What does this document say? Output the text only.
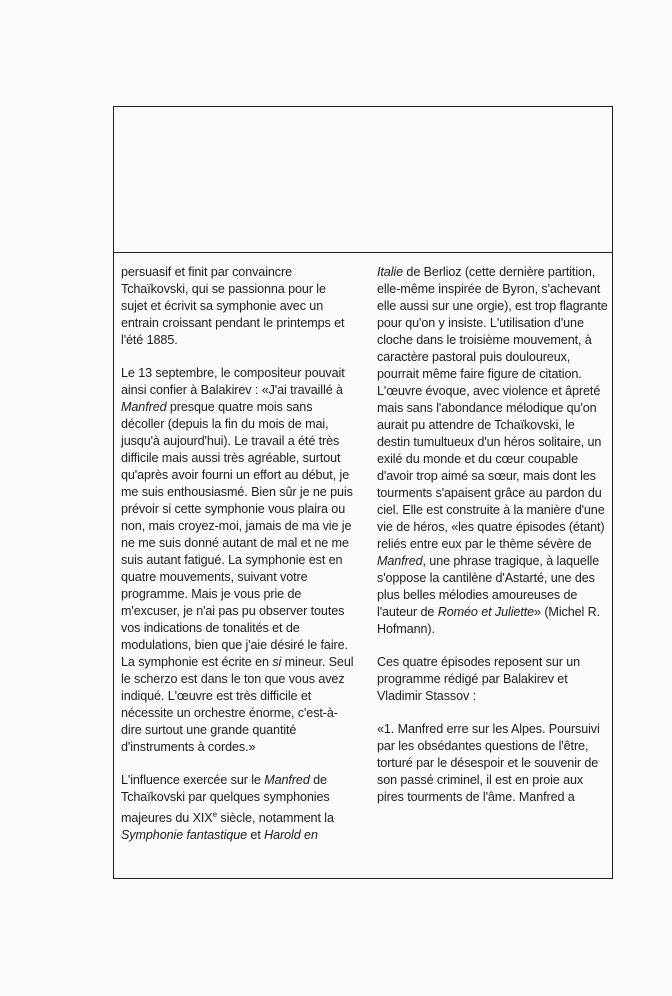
persuasif et finit par convaincre Tchaïkovski, qui se passionna pour le sujet et écrivit sa symphonie avec un entrain croissant pendant le printemps et l'été 1885.

Le 13 septembre, le compositeur pouvait ainsi confier à Balakirev : «J'ai travaillé à Manfred presque quatre mois sans décoller (depuis la fin du mois de mai, jusqu'à aujourd'hui). Le travail a été très difficile mais aussi très agréable, surtout qu'après avoir fourni un effort au début, je me suis enthousiasmé. Bien sûr je ne puis prévoir si cette symphonie vous plaira ou non, mais croyez-moi, jamais de ma vie je ne me suis donné autant de mal et ne me suis autant fatigué. La symphonie est en quatre mouvements, suivant votre programme. Mais je vous prie de m'excuser, je n'ai pas pu observer toutes vos indications de tonalités et de modulations, bien que j'aie désiré le faire. La symphonie est écrite en si mineur. Seul le scherzo est dans le ton que vous avez indiqué. L'œuvre est très difficile et nécessite un orchestre énorme, c'est-à-dire surtout une grande quantité d'instruments à cordes.»

L'influence exercée sur le Manfred de Tchaïkovski par quelques symphonies majeures du XIXe siècle, notamment la Symphonie fantastique et Harold en

Italie de Berlioz (cette dernière partition, elle-même inspirée de Byron, s'achevant elle aussi sur une orgie), est trop flagrante pour qu'on y insiste. L'utilisation d'une cloche dans le troisième mouvement, à caractère pastoral puis douloureux, pourrait même faire figure de citation. L'œuvre évoque, avec violence et âpreté mais sans l'abondance mélodique qu'on aurait pu attendre de Tchaïkovski, le destin tumultueux d'un héros solitaire, un exilé du monde et du cœur coupable d'avoir trop aimé sa sœur, mais dont les tourments s'apaisent grâce au pardon du ciel. Elle est construite à la manière d'une vie de héros, «les quatre épisodes (étant) reliés entre eux par le thème sévère de Manfred, une phrase tragique, à laquelle s'oppose la cantilène d'Astarté, une des plus belles mélodies amoureuses de l'auteur de Roméo et Juliette» (Michel R. Hofmann).

Ces quatre épisodes reposent sur un programme rédigé par Balakirev et Vladimir Stassov :

«1. Manfred erre sur les Alpes. Poursuivi par les obsédantes questions de l'être, torturé par le désespoir et le souvenir de son passé criminel, il est en proie aux pires tourments de l'âme. Manfred a
